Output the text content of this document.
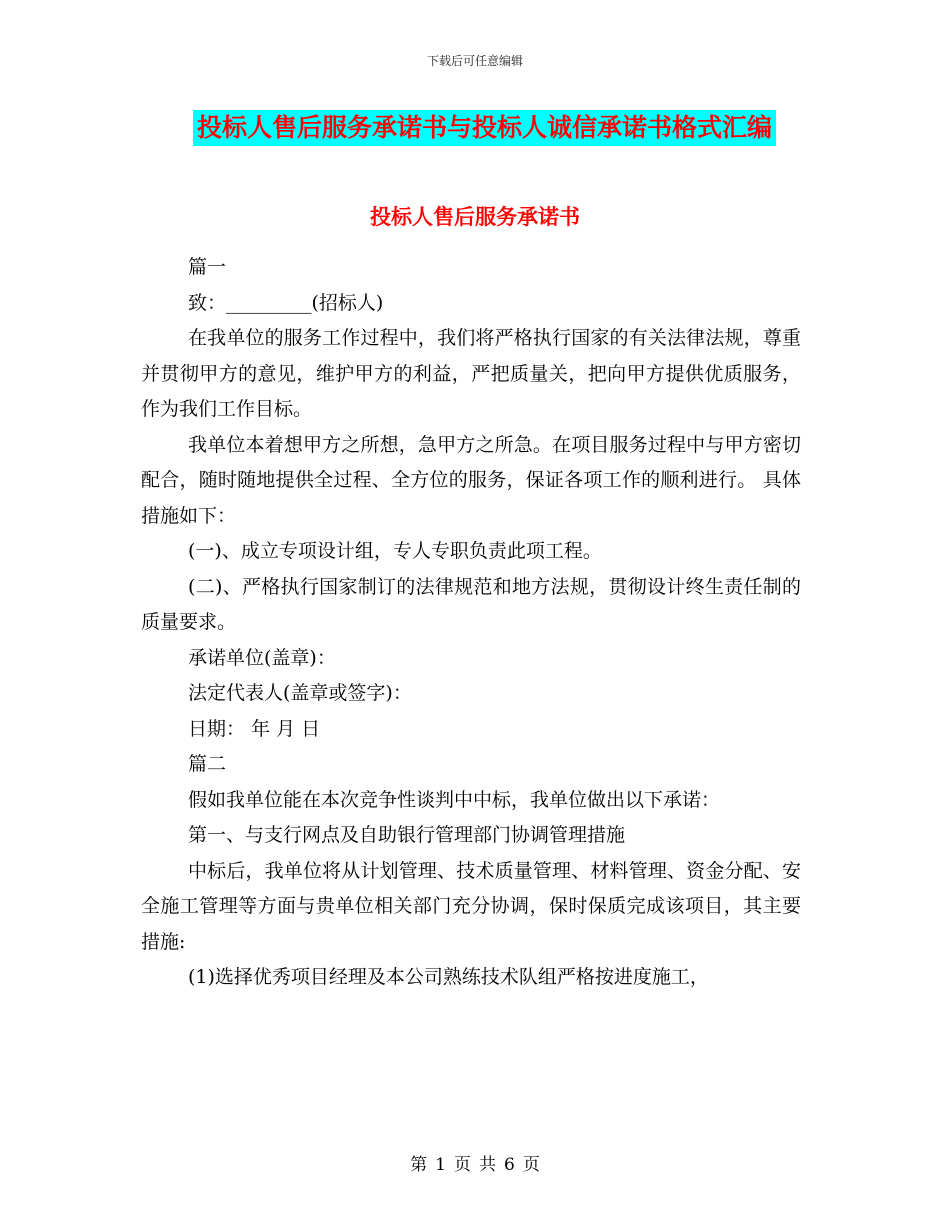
下载后可任意编辑
投标人售后服务承诺书与投标人诚信承诺书格式汇编
投标人售后服务承诺书

篇一

致：_________(招标人)

在我单位的服务工作过程中，我们将严格执行国家的有关法律法规，尊重并贯彻甲方的意见，维护甲方的利益，严把质量关，把向甲方提供优质服务，作为我们工作目标。

我单位本着想甲方之所想，急甲方之所急。在项目服务过程中与甲方密切配合，随时随地提供全过程、全方位的服务，保证各项工作的顺利进行。 具体措施如下：

(一)、成立专项设计组，专人专职负责此项工程。

(二)、严格执行国家制订的法律规范和地方法规，贯彻设计终生责任制的质量要求。

承诺单位(盖章)：

法定代表人(盖章或签字)：

日期： 年 月 日

篇二

假如我单位能在本次竞争性谈判中中标，我单位做出以下承诺：

第一、与支行网点及自助银行管理部门协调管理措施

中标后，我单位将从计划管理、技术质量管理、材料管理、资金分配、安全施工管理等方面与贵单位相关部门充分协调，保时保质完成该项目，其主要措施:

(1)选择优秀项目经理及本公司熟练技术队组严格按进度施工，

第 1 页 共 6 页
